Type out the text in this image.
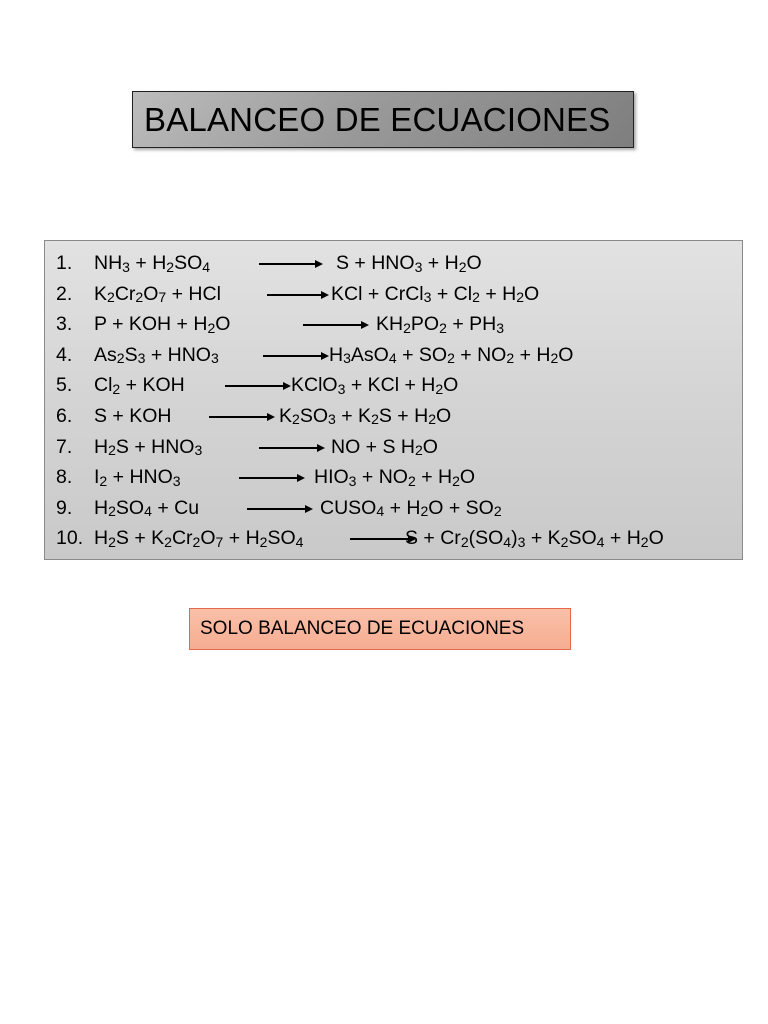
BALANCEO DE ECUACIONES
1. $NH_3 + H_2SO_4$	→ $S + HNO_3 + H_2O$
2. $K_2Cr_2O_7$ + HCl → KCl + CrCl$_3$ + $Cl_2 + H_2O$
3. P + KOH + $H_2O$	→ $KH_2PO_2 + PH_3$
4. $As_2S_3 + HNO_3 \to H_3AsO_4 + SO_2 + NO_2 + H_2O$
5. $Cl_2$ + KOH → KClO$_3$ + KCl + $H_2O$
6. S + KOH → $K_2SO_3 + K_2S + H_2O$
7. $H_2S + HNO_3$	→ NO + S $H_2O$
8. $I_2 + HNO_3$	→ $HIO_3 + NO_2 + H_2O$
9. $H_2SO_4 + Cu$ → $CUSO_4 + H_2O + SO_2$
10. $H_2S + K_2Cr_2O_7 + H_2SO_4$	$S + Cr_2(SO_4)_3 + K_2SO_4 + H_2O$
SOLO BALANCEO DE ECUACIONES
